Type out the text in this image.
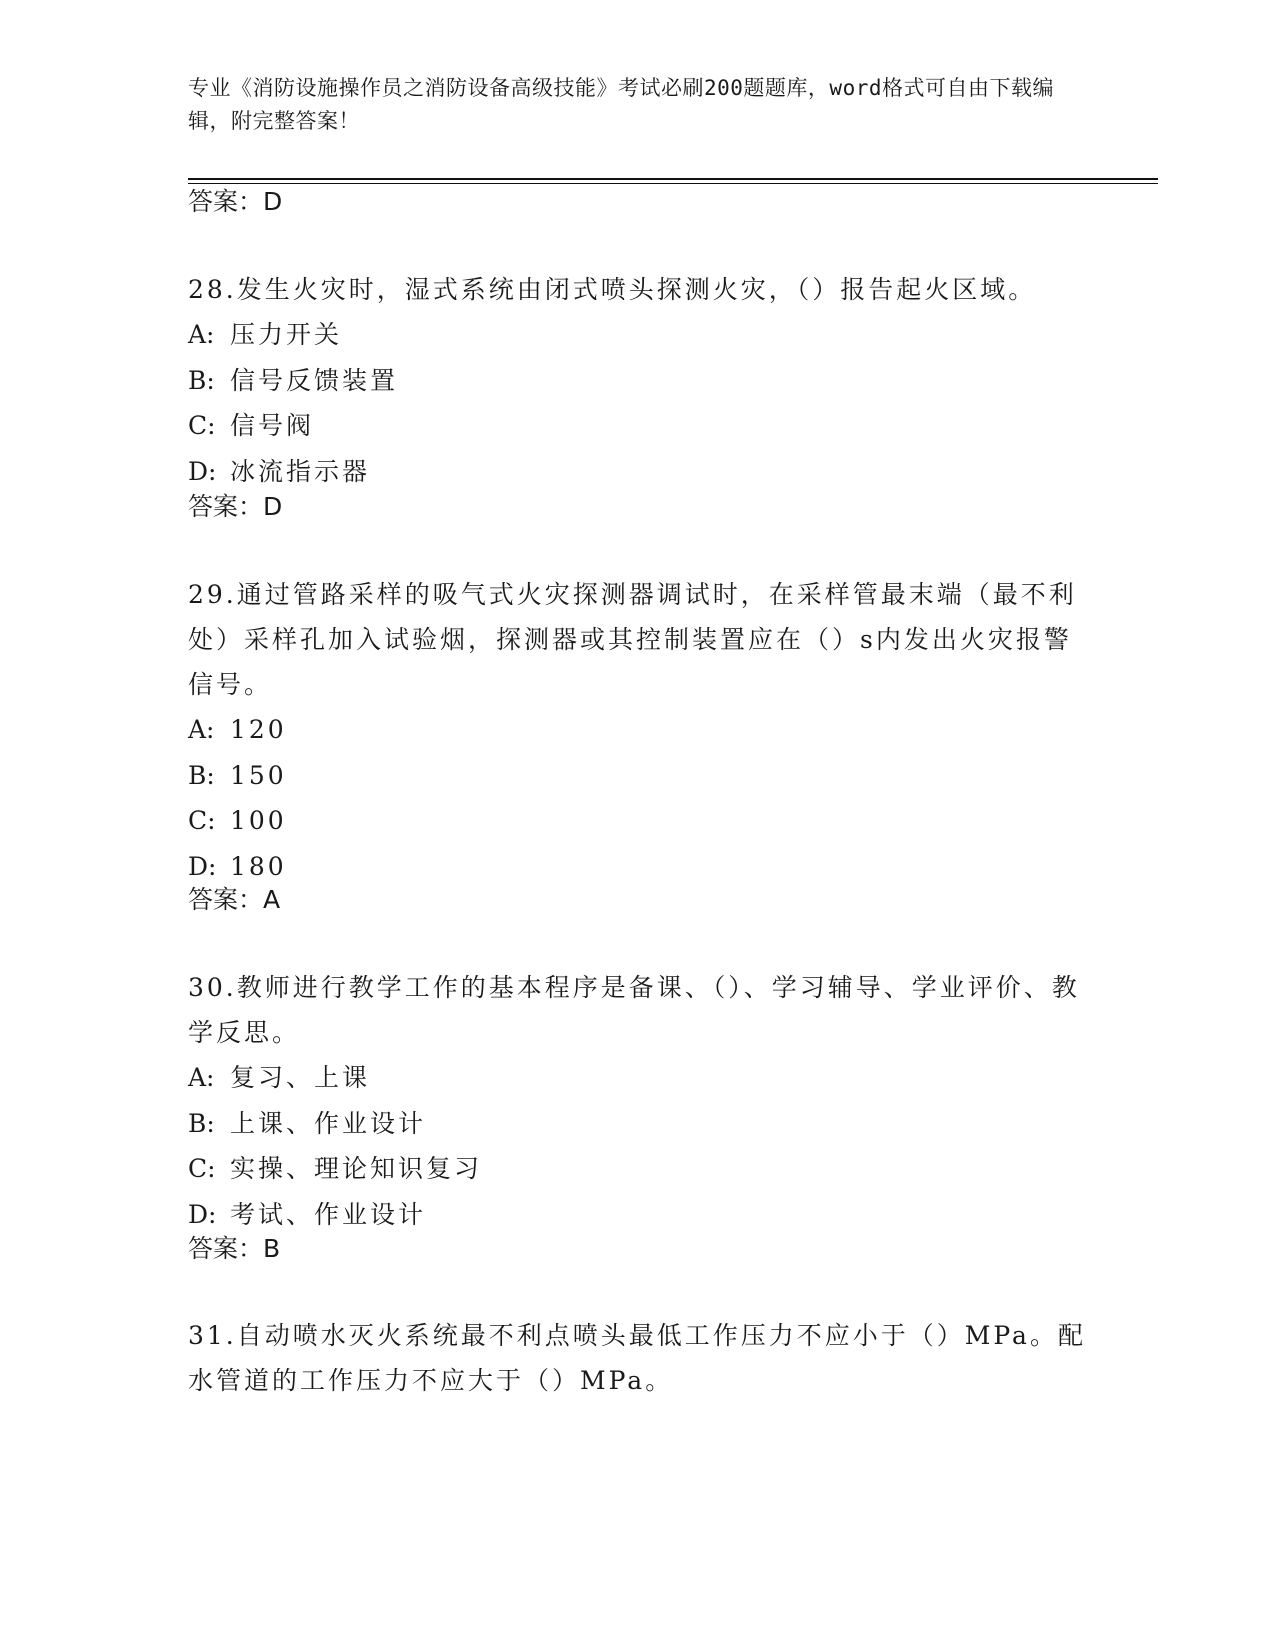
专业《消防设施操作员之消防设备高级技能》考试必刷200题题库，word格式可自由下载编辑，附完整答案！
答案：D

28.发生火灾时，湿式系统由闭式喷头探测火灾，（）报告起火区域。

A: 压力开关
B: 信号反馈装置
C: 信号阀
D: 冰流指示器
答案：D

29.通过管路采样的吸气式火灾探测器调试时，在采样管最末端（最不利处）采样孔加入试验烟，探测器或其控制装置应在（）s内发出火灾报警信号。

A: 120
B: 150
C: 100
D: 180
答案：A

30.教师进行教学工作的基本程序是备课、（）、学习辅导、学业评价、教学反思。

A: 复习、上课
B: 上课、作业设计
C: 实操、理论知识复习
D: 考试、作业设计
答案：B

31.自动喷水灭火系统最不利点喷头最低工作压力不应小于（）MPa。配水管道的工作压力不应大于（）MPa。
